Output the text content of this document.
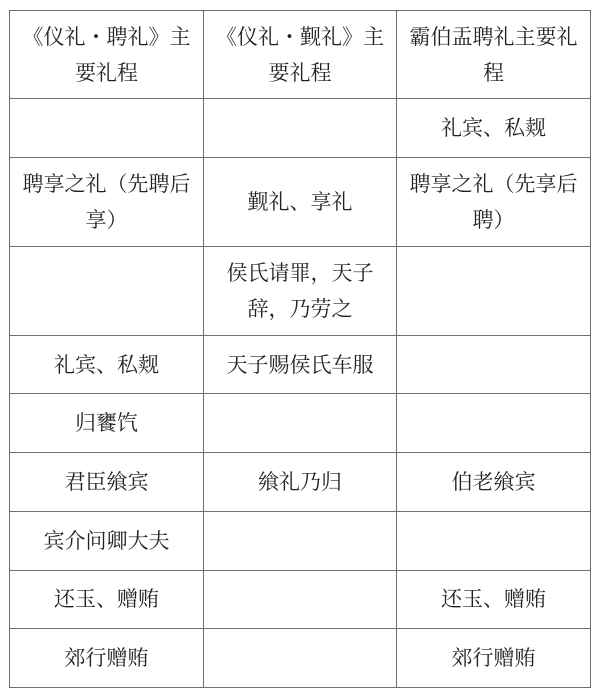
《仪礼・聘礼》主要礼程	《仪礼・觐礼》主要礼程	霸伯盂聘礼主要礼程
		礼宾、私觌
聘享之礼（先聘后享）	觐礼、享礼	聘享之礼（先享后聘）
	侯氏请罪，天子辞，乃劳之	
礼宾、私觌	天子赐侯氏车服	
归饔饩		
君臣飨宾	飨礼乃归	伯老飨宾
宾介问卿大夫		
还玉、赠贿		还玉、赠贿
郊行赠贿		郊行赠贿
